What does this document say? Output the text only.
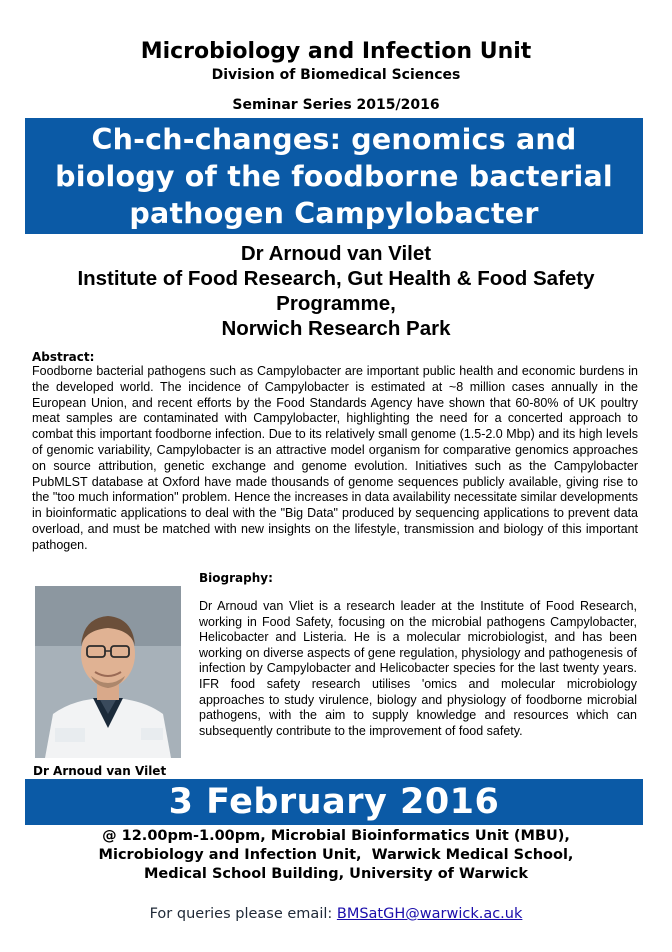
Microbiology and Infection Unit
Division of Biomedical Sciences
Seminar Series 2015/2016
Ch-ch-changes: genomics and
biology of the foodborne bacterial
pathogen Campylobacter
Dr Arnoud van Vilet
Institute of Food Research, Gut Health & Food Safety
Programme,
Norwich Research Park
Abstract:
Foodborne bacterial pathogens such as Campylobacter are important public health and economic burdens in the developed world. The incidence of Campylobacter is estimated at ~8 million cases annually in the European Union, and recent efforts by the Food Standards Agency have shown that 60-80% of UK poultry meat samples are contaminated with Campylobacter, highlighting the need for a concerted approach to combat this important foodborne infection. Due to its relatively small genome (1.5-2.0 Mbp) and its high levels of genomic variability, Campylobacter is an attractive model organism for comparative genomics approaches on source attribution, genetic exchange and genome evolution. Initiatives such as the Campylobacter PubMLST database at Oxford have made thousands of genome sequences publicly available, giving rise to the "too much information" problem. Hence the increases in data availability necessitate similar developments in bioinformatic applications to deal with the "Big Data" produced by sequencing applications to prevent data overload, and must be matched with new insights on the lifestyle, transmission and biology of this important pathogen.
Dr Arnoud van Vilet
Biography:
Dr Arnoud van Vliet is a research leader at the Institute of Food Research, working in Food Safety, focusing on the microbial pathogens Campylobacter, Helicobacter and Listeria. He is a molecular microbiologist, and has been working on diverse aspects of gene regulation, physiology and pathogenesis of infection by Campylobacter and Helicobacter species for the last twenty years. IFR food safety research utilises 'omics and molecular microbiology approaches to study virulence, biology and physiology of foodborne microbial pathogens, with the aim to supply knowledge and resources which can subsequently contribute to the improvement of food safety.
3 February 2016
@ 12.00pm-1.00pm, Microbial Bioinformatics Unit (MBU),
Microbiology and Infection Unit,  Warwick Medical School,
Medical School Building, University of Warwick
For queries please email: BMSatGH@warwick.ac.uk
